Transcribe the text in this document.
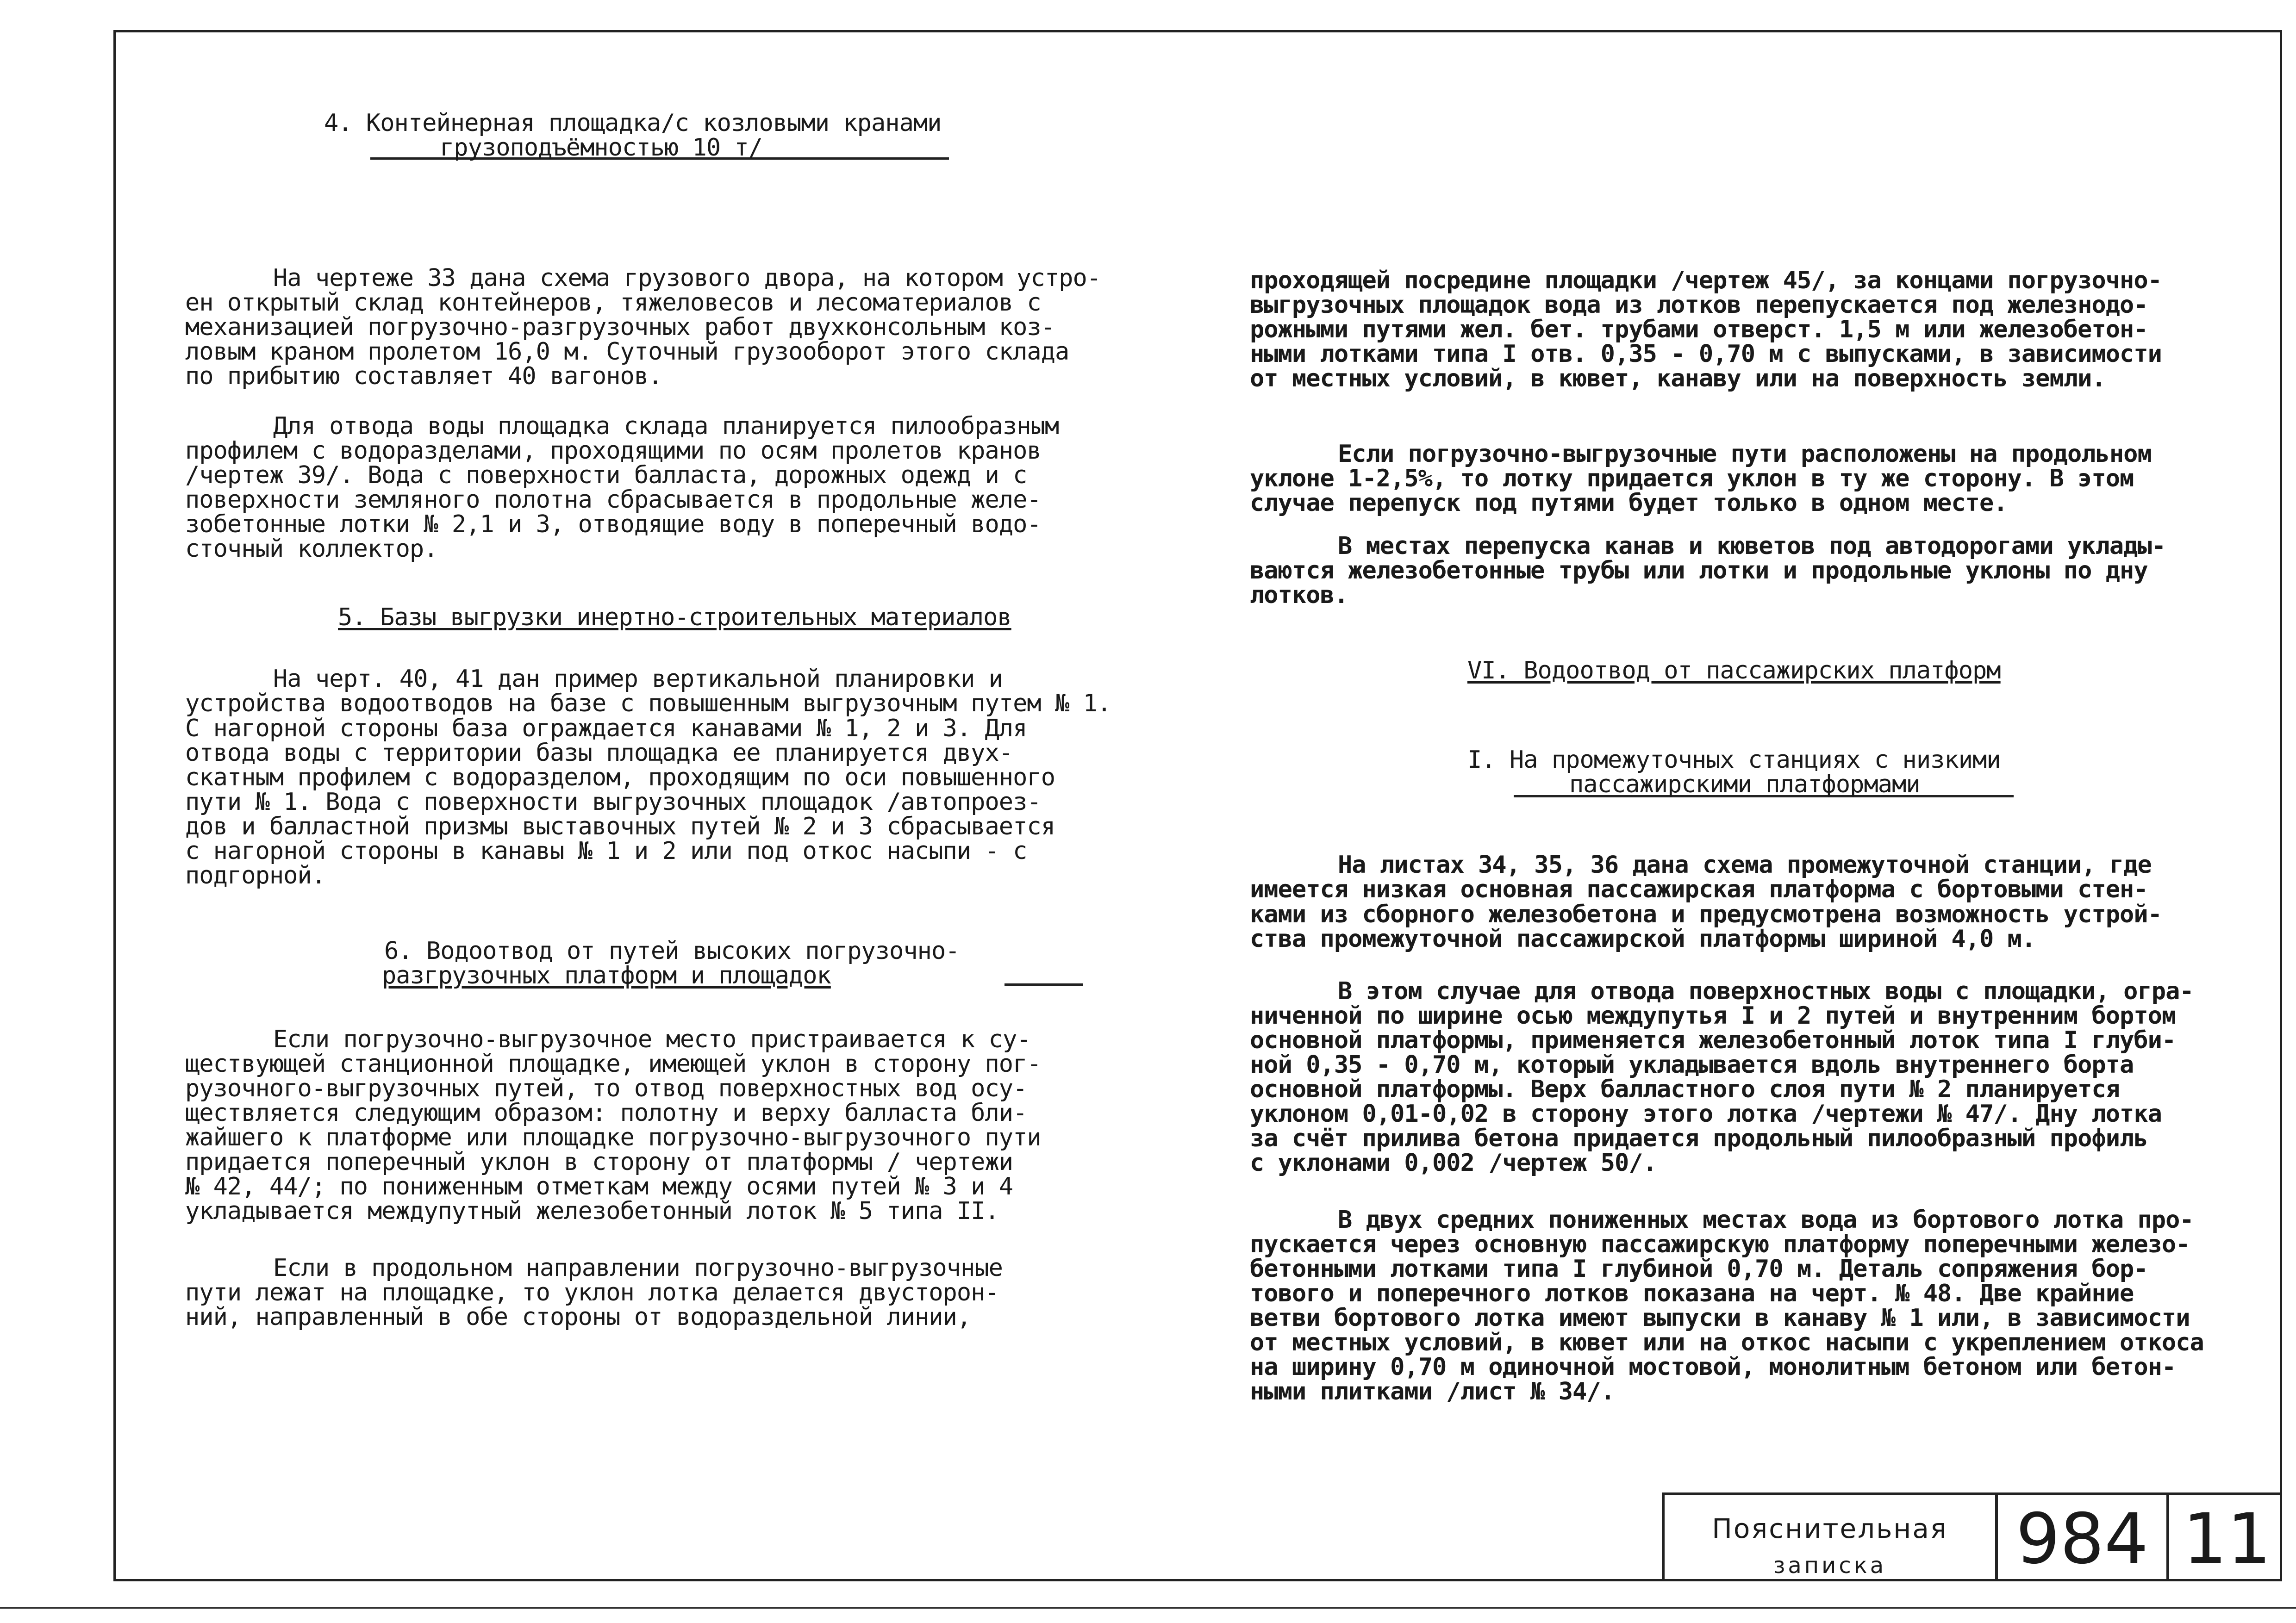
4. Контейнерная площадка/с козловыми кранами

грузоподъёмностью 10 т/

На чертеже 33 дана схема грузового двора, на котором устро-
ен открытый склад контейнеров, тяжеловесов и лесоматериалов с
механизацией погрузочно-разгрузочных работ двухконсольным коз-
ловым краном пролетом 16,0 м. Суточный грузооборот этого склада
по прибытию составляет 40 вагонов.

Для отвода воды площадка склада планируется пилообразным
профилем с водоразделами, проходящими по осям пролетов кранов
/чертеж 39/. Вода с поверхности балласта, дорожных одежд и с
поверхности земляного полотна сбрасывается в продольные желе-
зобетонные лотки № 2,1 и 3, отводящие воду в поперечный водо-
сточный коллектор.

5. Базы выгрузки инертно-строительных материалов

На черт. 40, 41 дан пример вертикальной планировки и
устройства водоотводов на базе с повышенным выгрузочным путем № 1.
С нагорной стороны база ограждается канавами № 1, 2 и 3. Для
отвода воды с территории базы площадка ее планируется двух-
скатным профилем с водоразделом, проходящим по оси повышенного
пути № 1. Вода с поверхности выгрузочных площадок /автопроез-
дов и балластной призмы выставочных путей № 2 и 3 сбрасывается
с нагорной стороны в канавы № 1 и 2 или под откос насыпи - с
подгорной.

6. Водоотвод от путей высоких погрузочно-

разгрузочных платформ и площадок

Если погрузочно-выгрузочное место пристраивается к су-
ществующей станционной площадке, имеющей уклон в сторону пог-
рузочного-выгрузочных путей, то отвод поверхностных вод осу-
ществляется следующим образом: полотну и верху балласта бли-
жайшего к платформе или площадке погрузочно-выгрузочного пути
придается поперечный уклон в сторону от платформы / чертежи
№ 42, 44/; по пониженным отметкам между осями путей № 3 и 4
укладывается междупутный железобетонный лоток № 5 типа II.

Если в продольном направлении погрузочно-выгрузочные
пути лежат на площадке, то уклон лотка делается двусторон-
ний, направленный в обе стороны от водораздельной линии,

проходящей посредине площадки /чертеж 45/, за концами погрузочно-
выгрузочных площадок вода из лотков перепускается под железнодо-
рожными путями жел. бет. трубами отверст. 1,5 м или железобетон-
ными лотками типа I отв. 0,35 - 0,70 м с выпусками, в зависимости
от местных условий, в кювет, канаву или на поверхность земли.

Если погрузочно-выгрузочные пути расположены на продольном
уклоне 1-2,5%, то лотку придается уклон в ту же сторону. В этом
случае перепуск под путями будет только в одном месте.

В местах перепуска канав и кюветов под автодорогами уклады-
ваются железобетонные трубы или лотки и продольные уклоны по дну
лотков.

VI. Водоотвод от пассажирских платформ

I. На промежуточных станциях с низкими

пассажирскими платформами

На листах 34, 35, 36 дана схема промежуточной станции, где
имеется низкая основная пассажирская платформа с бортовыми стен-
ками из сборного железобетона и предусмотрена возможность устрой-
ства промежуточной пассажирской платформы шириной 4,0 м.

В этом случае для отвода поверхностных воды с площадки, огра-
ниченной по ширине осью междупутья I и 2 путей и внутренним бортом
основной платформы, применяется железобетонный лоток типа I глуби-
ной 0,35 - 0,70 м, который укладывается вдоль внутреннего борта
основной платформы. Верх балластного слоя пути № 2 планируется
уклоном 0,01-0,02 в сторону этого лотка /чертежи № 47/. Дну лотка
за счёт прилива бетона придается продольный пилообразный профиль
с уклонами 0,002 /чертеж 50/.

В двух средних пониженных местах вода из бортового лотка про-
пускается через основную пассажирскую платформу поперечными железо-
бетонными лотками типа I глубиной 0,70 м. Деталь сопряжения бор-
тового и поперечного лотков показана на черт. № 48. Две крайние
ветви бортового лотка имеют выпуски в канаву № 1 или, в зависимости
от местных условий, в кювет или на откос насыпи с укреплением откоса
на ширину 0,70 м одиночной мостовой, монолитным бетоном или бетон-
ными плитками /лист № 34/.

Пояснительная
записка	984 11
